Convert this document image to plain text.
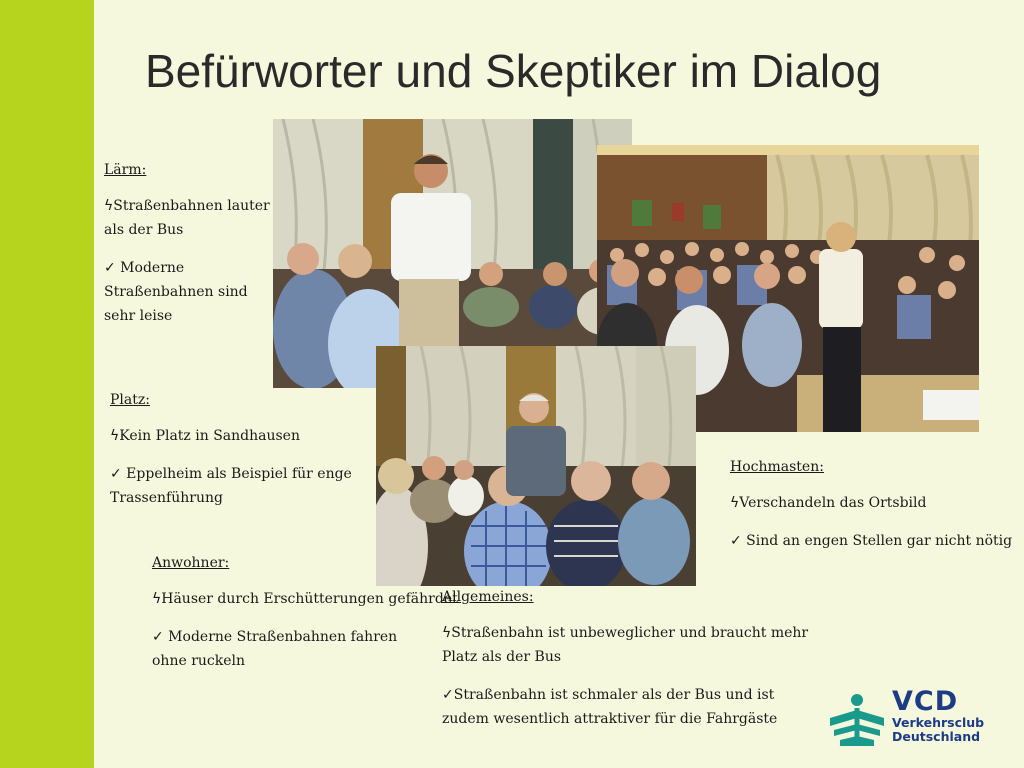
Befürworter und Skeptiker im Dialog
Lärm:
ϟStraßenbahnen lauter als der Bus
✓ Moderne Straßenbahnen sind sehr leise
Platz:
ϟKein Platz in Sandhausen
✓ Eppelheim als Beispiel für enge Trassenführung
Anwohner:
ϟHäuser durch Erschütterungen gefährdet
✓ Moderne Straßenbahnen fahren ohne ruckeln
Hochmasten:
ϟVerschandeln das Ortsbild
✓ Sind an engen Stellen gar nicht nötig
Allgemeines:
ϟStraßenbahn ist unbeweglicher und braucht mehr Platz als der Bus
✓Straßenbahn ist schmaler als der Bus und ist zudem wesentlich attraktiver für die Fahrgäste
VCD
Verkehrsclub
Deutschland
